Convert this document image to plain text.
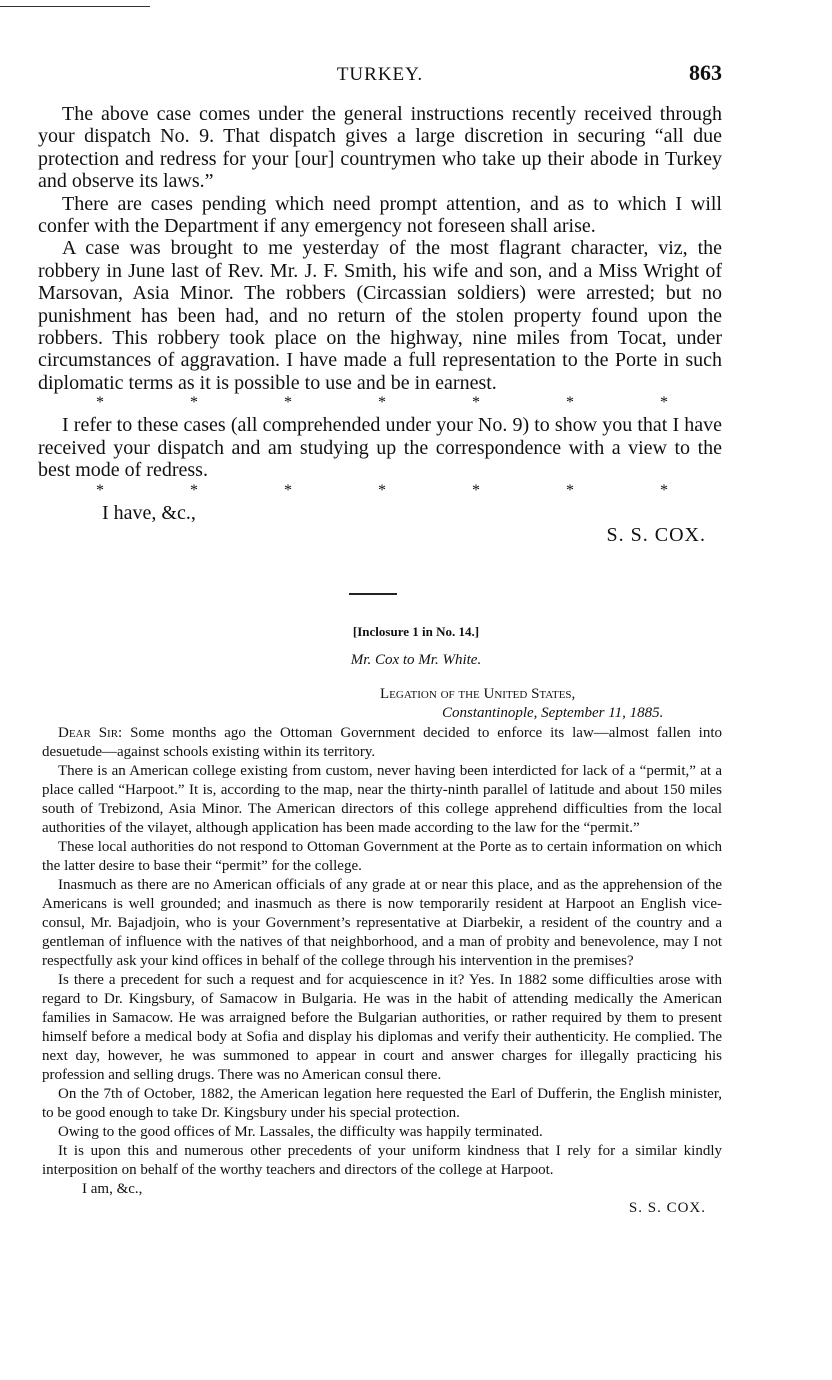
TURKEY.	863

The above case comes under the general instructions recently received through your dispatch No. 9. That dispatch gives a large discretion in securing “all due protection and redress for your [our] countrymen who take up their abode in Turkey and observe its laws.”

There are cases pending which need prompt attention, and as to which I will confer with the Department if any emergency not foreseen shall arise.

A case was brought to me yesterday of the most flagrant character, viz, the robbery in June last of Rev. Mr. J. F. Smith, his wife and son, and a Miss Wright of Marsovan, Asia Minor. The robbers (Circassian soldiers) were arrested; but no punishment has been had, and no return of the stolen property found upon the robbers. This robbery took place on the highway, nine miles from Tocat, under circumstances of aggravation. I have made a full representation to the Porte in such diplomatic terms as it is possible to use and be in earnest.

*	*	*	*	*	*	*

I refer to these cases (all comprehended under your No. 9) to show you that I have received your dispatch and am studying up the correspondence with a view to the best mode of redress.

*	*	*	*	*	*	*
I have, &c.,
S. S. COX.
[Inclosure 1 in No. 14.]
Mr. Cox to Mr. White.
Legation of the United States,
Constantinople, September 11, 1885.

Dear Sir: Some months ago the Ottoman Government decided to enforce its law—almost fallen into desuetude—against schools existing within its territory.

There is an American college existing from custom, never having been interdicted for lack of a “permit,” at a place called “Harpoot.” It is, according to the map, near the thirty-ninth parallel of latitude and about 150 miles south of Trebizond, Asia Minor. The American directors of this college apprehend difficulties from the local authorities of the vilayet, although application has been made according to the law for the “permit.”

These local authorities do not respond to Ottoman Government at the Porte as to certain information on which the latter desire to base their “permit” for the college.

Inasmuch as there are no American officials of any grade at or near this place, and as the apprehension of the Americans is well grounded; and inasmuch as there is now temporarily resident at Harpoot an English vice-consul, Mr. Bajadjoin, who is your Government’s representative at Diarbekir, a resident of the country and a gentleman of influence with the natives of that neighborhood, and a man of probity and benevolence, may I not respectfully ask your kind offices in behalf of the college through his intervention in the premises?

Is there a precedent for such a request and for acquiescence in it? Yes. In 1882 some difficulties arose with regard to Dr. Kingsbury, of Samacow in Bulgaria. He was in the habit of attending medically the American families in Samacow. He was arraigned before the Bulgarian authorities, or rather required by them to present himself before a medical body at Sofia and display his diplomas and verify their authenticity. He complied. The next day, however, he was summoned to appear in court and answer charges for illegally practicing his profession and selling drugs. There was no American consul there.

On the 7th of October, 1882, the American legation here requested the Earl of Dufferin, the English minister, to be good enough to take Dr. Kingsbury under his special protection.

Owing to the good offices of Mr. Lassales, the difficulty was happily terminated.

It is upon this and numerous other precedents of your uniform kindness that I rely for a similar kindly interposition on behalf of the worthy teachers and directors of the college at Harpoot.

I am, &c.,
S. S. COX.
